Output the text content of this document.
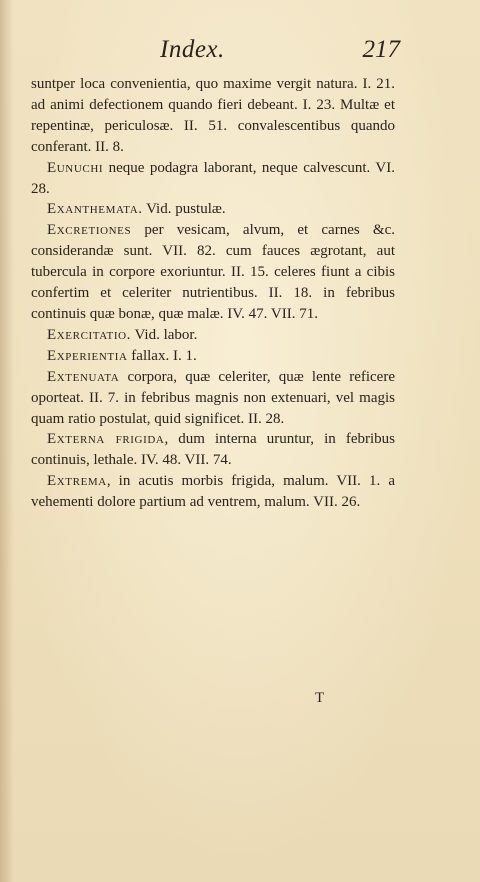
Index.	217

suntper loca convenientia, quo maxime vergit natura. I. 21. ad animi defectionem quando fieri debeant. I. 23. Multæ et repentinæ, periculosæ. II. 51. convalescentibus quando conferant. II. 8.

Eunuchi neque podagra laborant, neque calvescunt. VI. 28.

Exanthemata. Vid. pustulæ.

Excretiones per vesicam, alvum, et carnes &c. considerandæ sunt. VII. 82. cum fauces ægrotant, aut tubercula in corpore exoriuntur. II. 15. celeres fiunt a cibis confertim et celeriter nutrientibus. II. 18. in febribus continuis quæ bonæ, quæ malæ. IV. 47. VII. 71.

Exercitatio. Vid. labor.

Experientia fallax. I. 1.

Extenuata corpora, quæ celeriter, quæ lente reficere oporteat. II. 7. in febribus magnis non extenuari, vel magis quam ratio postulat, quid significet. II. 28.

Externa frigida, dum interna uruntur, in febribus continuis, lethale. IV. 48. VII. 74.

Extrema, in acutis morbis frigida, malum. VII. 1. a vehementi dolore partium ad ventrem, malum. VII. 26.

T
